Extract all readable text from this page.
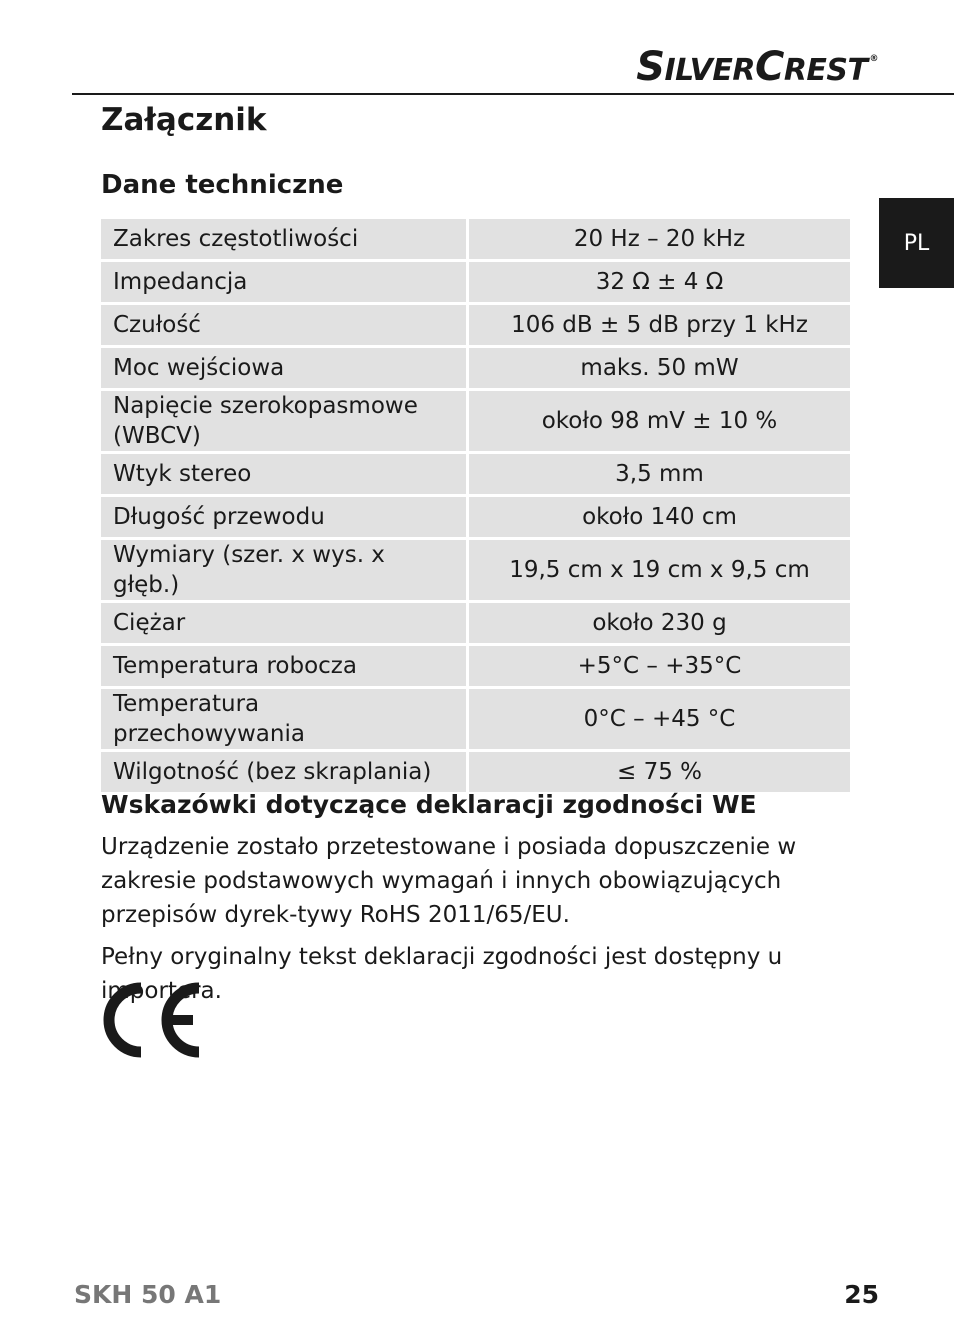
SILVERCREST ®
PL
Załącznik
Dane techniczne
Zakres częstotliwości	20 Hz – 20 kHz
Impedancja	32 Ω ± 4 Ω
Czułość	106 dB ± 5 dB przy 1 kHz
Moc wejściowa	maks. 50 mW
Napięcie szerokopasmowe (WBCV)	około 98 mV ± 10 %
Wtyk stereo	3,5 mm
Długość przewodu	około 140 cm
Wymiary (szer. x wys. x głęb.)	19,5 cm x 19 cm x 9,5 cm
Ciężar	około 230 g
Temperatura robocza	+5°C – +35°C
Temperatura przechowywania	0°C – +45 °C
Wilgotność (bez skraplania)	≤ 75 %
Wskazówki dotyczące deklaracji zgodności WE

Urządzenie zostało przetestowane i posiada dopuszczenie w zakresie podstawowych wymagań i innych obowiązujących przepisów dyrek-tywy RoHS 2011/65/EU.

Pełny oryginalny tekst deklaracji zgodności jest dostępny u importera.

SKH 50 A1	25
